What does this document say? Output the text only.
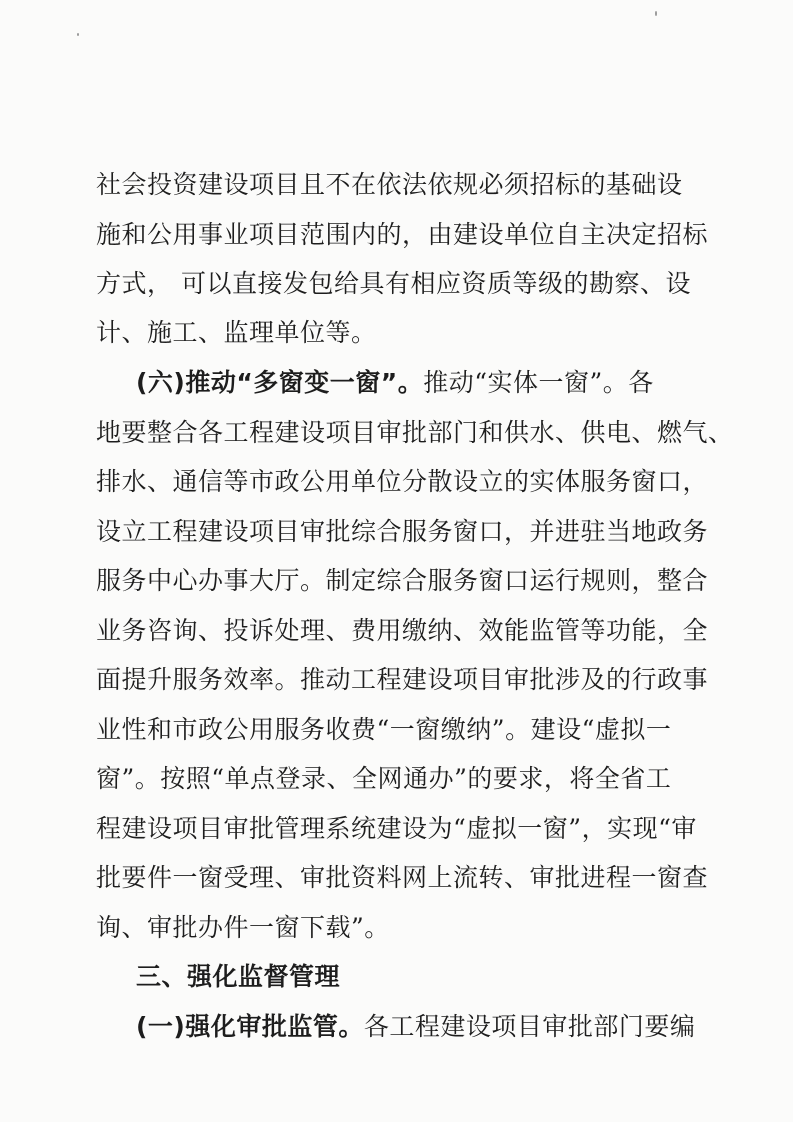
社会投资建设项目且不在依法依规必须招标的基础设
施和公用事业项目范围内的，由建设单位自主决定招标
方式， 可以直接发包给具有相应资质等级的勘察、设
计、施工、监理单位等。
(六)推动“多窗变一窗”。推动“实体一窗”。各
地要整合各工程建设项目审批部门和供水、供电、燃气、
排水、通信等市政公用单位分散设立的实体服务窗口，
设立工程建设项目审批综合服务窗口，并进驻当地政务
服务中心办事大厅。制定综合服务窗口运行规则，整合
业务咨询、投诉处理、费用缴纳、效能监管等功能，全
面提升服务效率。推动工程建设项目审批涉及的行政事
业性和市政公用服务收费“一窗缴纳”。建设“虚拟一
窗”。按照“单点登录、全网通办”的要求，将全省工
程建设项目审批管理系统建设为“虚拟一窗”，实现“审
批要件一窗受理、审批资料网上流转、审批进程一窗查
询、审批办件一窗下载”。
三、强化监督管理
(一)强化审批监管。各工程建设项目审批部门要编
